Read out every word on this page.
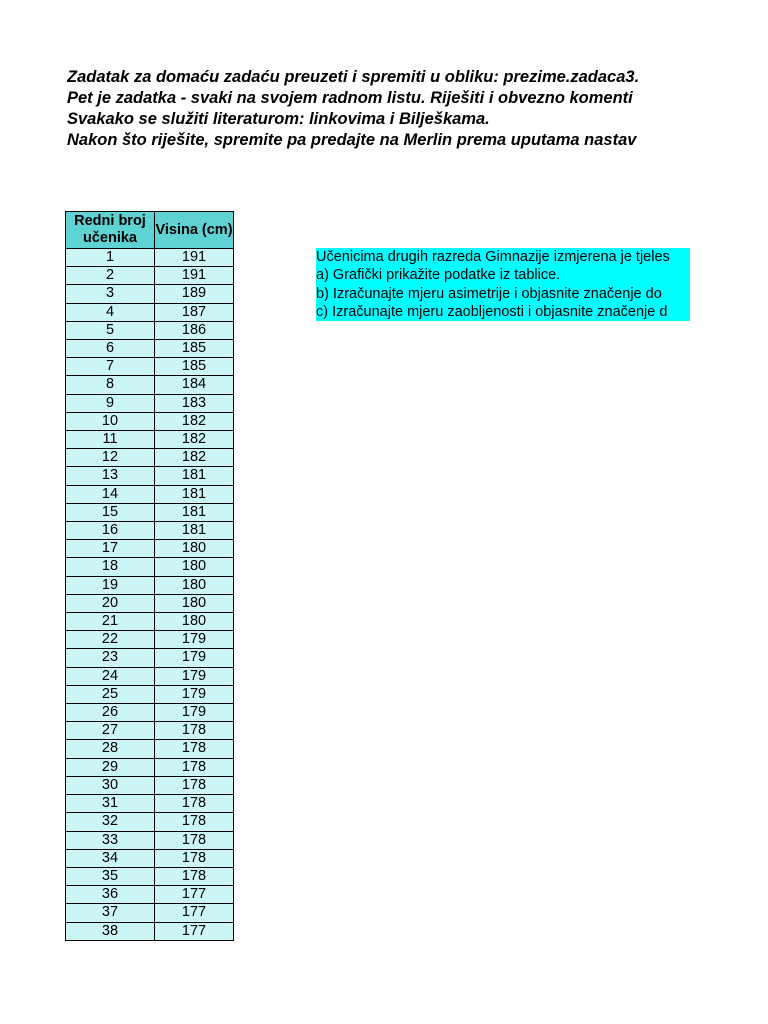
Zadatak za domaću zadaću preuzeti i spremiti u obliku: prezime.zadaca3.
Pet je zadatka - svaki na svojem radnom listu. Riješiti i obvezno komenti
Svakako se služiti literaturom: linkovima i Bilješkama.
Nakon što riješite, spremite pa predajte na Merlin prema uputama nastav
Redni broj učenika	Visina (cm)
1	191
2	191
3	189
4	187
5	186
6	185
7	185
8	184
9	183
10	182
11	182
12	182
13	181
14	181
15	181
16	181
17	180
18	180
19	180
20	180
21	180
22	179
23	179
24	179
25	179
26	179
27	178
28	178
29	178
30	178
31	178
32	178
33	178
34	178
35	178
36	177
37	177
38	177
Učenicima drugih razreda Gimnazije izmjerena je tjeles
a) Grafički prikažite podatke iz tablice.
b) Izračunajte mjeru asimetrije i objasnite značenje do
c) Izračunajte mjeru zaobljenosti i objasnite značenje d
